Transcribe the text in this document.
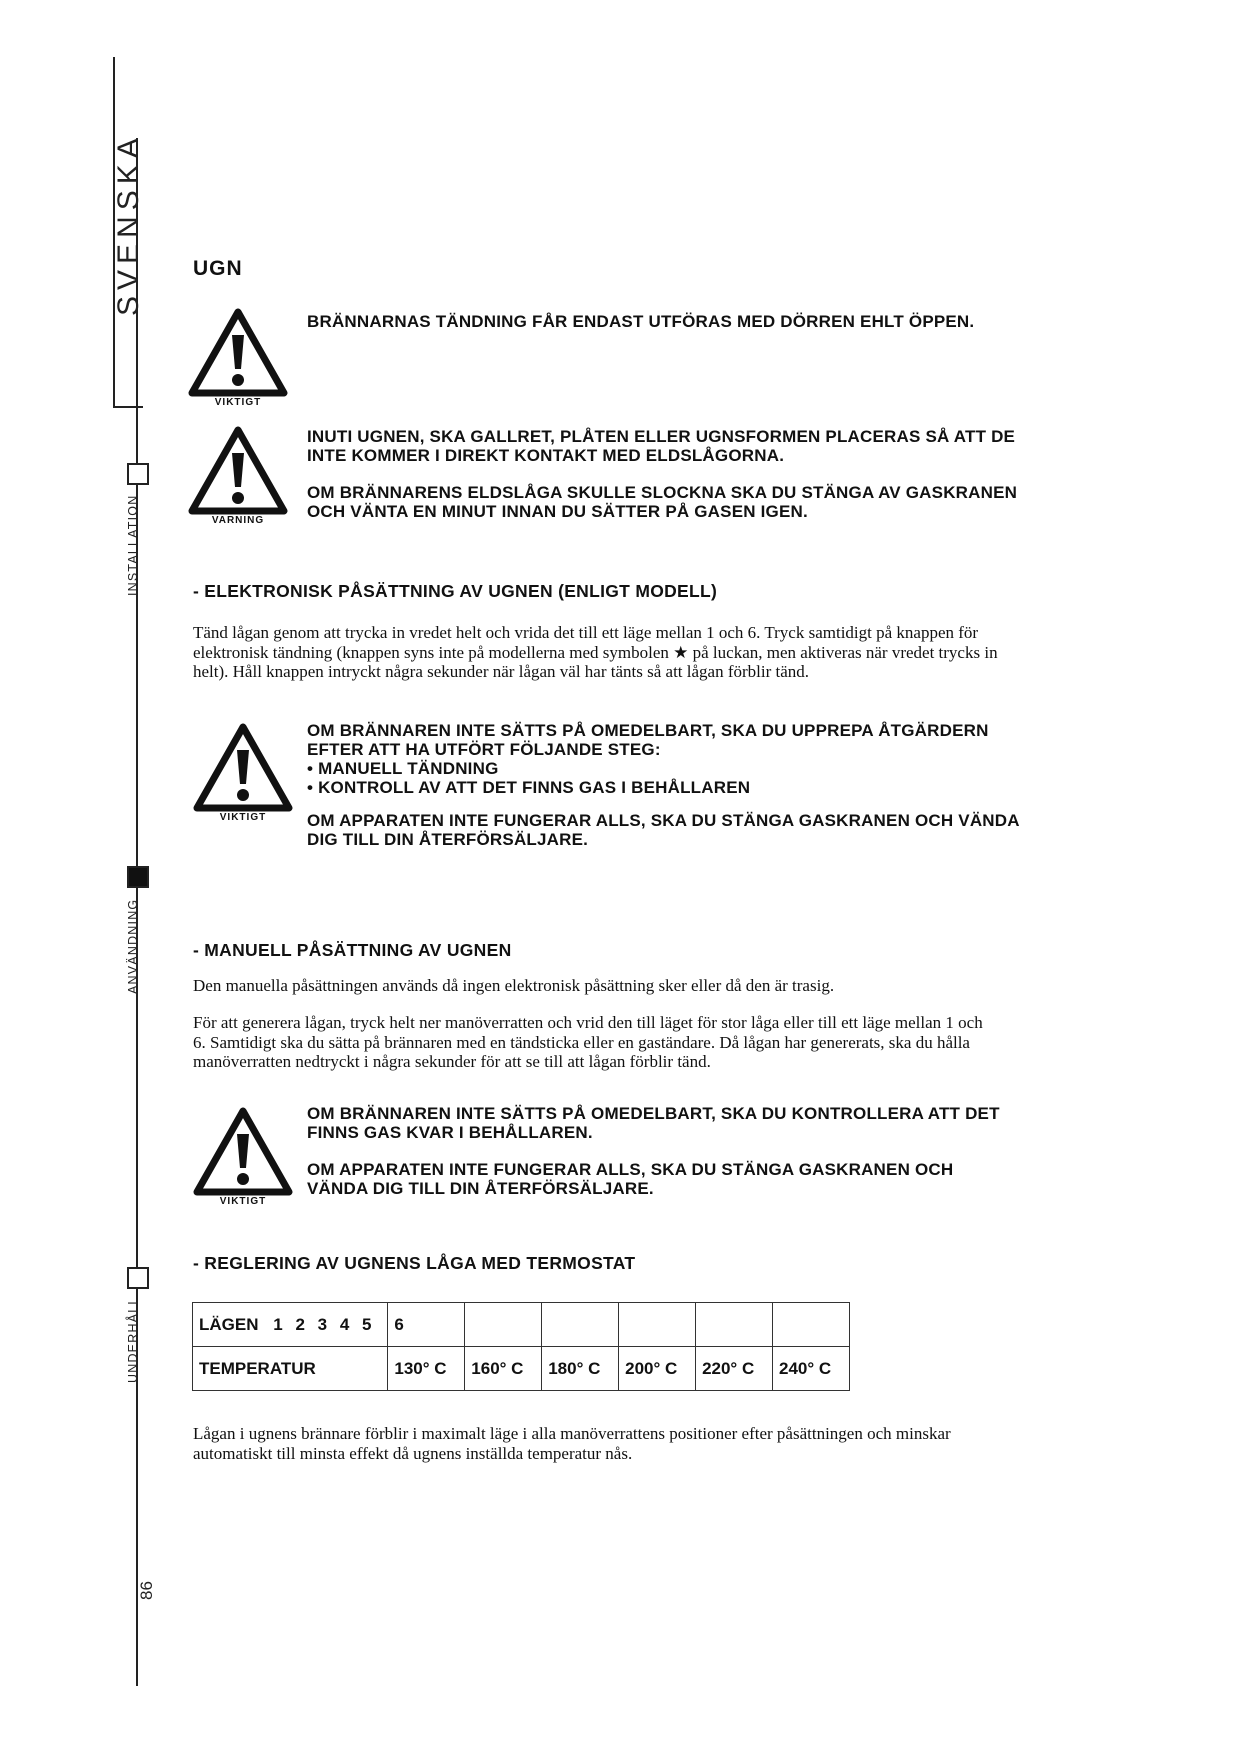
SVENSKA
INSTALLATION
ANVÄNDNING
UNDERHÅLL
86
UGN
VIKTIGT
BRÄNNARNAS TÄNDNING FÅR ENDAST UTFÖRAS MED DÖRREN EHLT ÖPPEN.
VARNING
INUTI UGNEN, SKA GALLRET, PLÅTEN ELLER UGNSFORMEN PLACERAS SÅ ATT DE
INTE KOMMER I DIREKT KONTAKT MED ELDSLÅGORNA.
OM BRÄNNARENS ELDSLÅGA SKULLE SLOCKNA SKA DU STÄNGA AV GASKRANEN
OCH VÄNTA EN MINUT INNAN DU SÄTTER PÅ GASEN IGEN.
- ELEKTRONISK PÅSÄTTNING AV UGNEN (ENLIGT MODELL)
Tänd lågan genom att trycka in vredet helt och vrida det till ett läge mellan 1 och 6. Tryck samtidigt på knappen för
elektronisk tändning (knappen syns inte på modellerna med symbolen ★ på luckan, men aktiveras när vredet trycks in
helt). Håll knappen intryckt några sekunder när lågan väl har tänts så att lågan förblir tänd.
VIKTIGT
OM BRÄNNAREN INTE SÄTTS PÅ OMEDELBART, SKA DU UPPREPA ÅTGÄRDERN
EFTER ATT HA UTFÖRT FÖLJANDE STEG:
• MANUELL TÄNDNING
• KONTROLL AV ATT DET FINNS GAS I BEHÅLLAREN
OM APPARATEN INTE FUNGERAR ALLS, SKA DU STÄNGA GASKRANEN OCH VÄNDA
DIG TILL DIN ÅTERFÖRSÄLJARE.
- MANUELL PÅSÄTTNING AV UGNEN
Den manuella påsättningen används då ingen elektronisk påsättning sker eller då den är trasig.
För att generera lågan, tryck helt ner manöverratten och vrid den till läget för stor låga eller till ett läge mellan 1 och
6. Samtidigt ska du sätta på brännaren med en tändsticka eller en gaständare. Då lågan har genererats, ska du hålla
manöverratten nedtryckt i några sekunder för att se till att lågan förblir tänd.
VIKTIGT
OM BRÄNNAREN INTE SÄTTS PÅ OMEDELBART, SKA DU KONTROLLERA ATT DET
FINNS GAS KVAR I BEHÅLLAREN.
OM APPARATEN INTE FUNGERAR ALLS, SKA DU STÄNGA GASKRANEN OCH
VÄNDA DIG TILL DIN ÅTERFÖRSÄLJARE.
- REGLERING AV UGNENS LÅGA MED TERMOSTAT
LÄGEN 1 2 3 4 5	6					
TEMPERATUR	130° C	160° C	180° C	200° C	220° C	240° C
Lågan i ugnens brännare förblir i maximalt läge i alla manöverrattens positioner efter påsättningen och minskar
automatiskt till minsta effekt då ugnens inställda temperatur nås.
